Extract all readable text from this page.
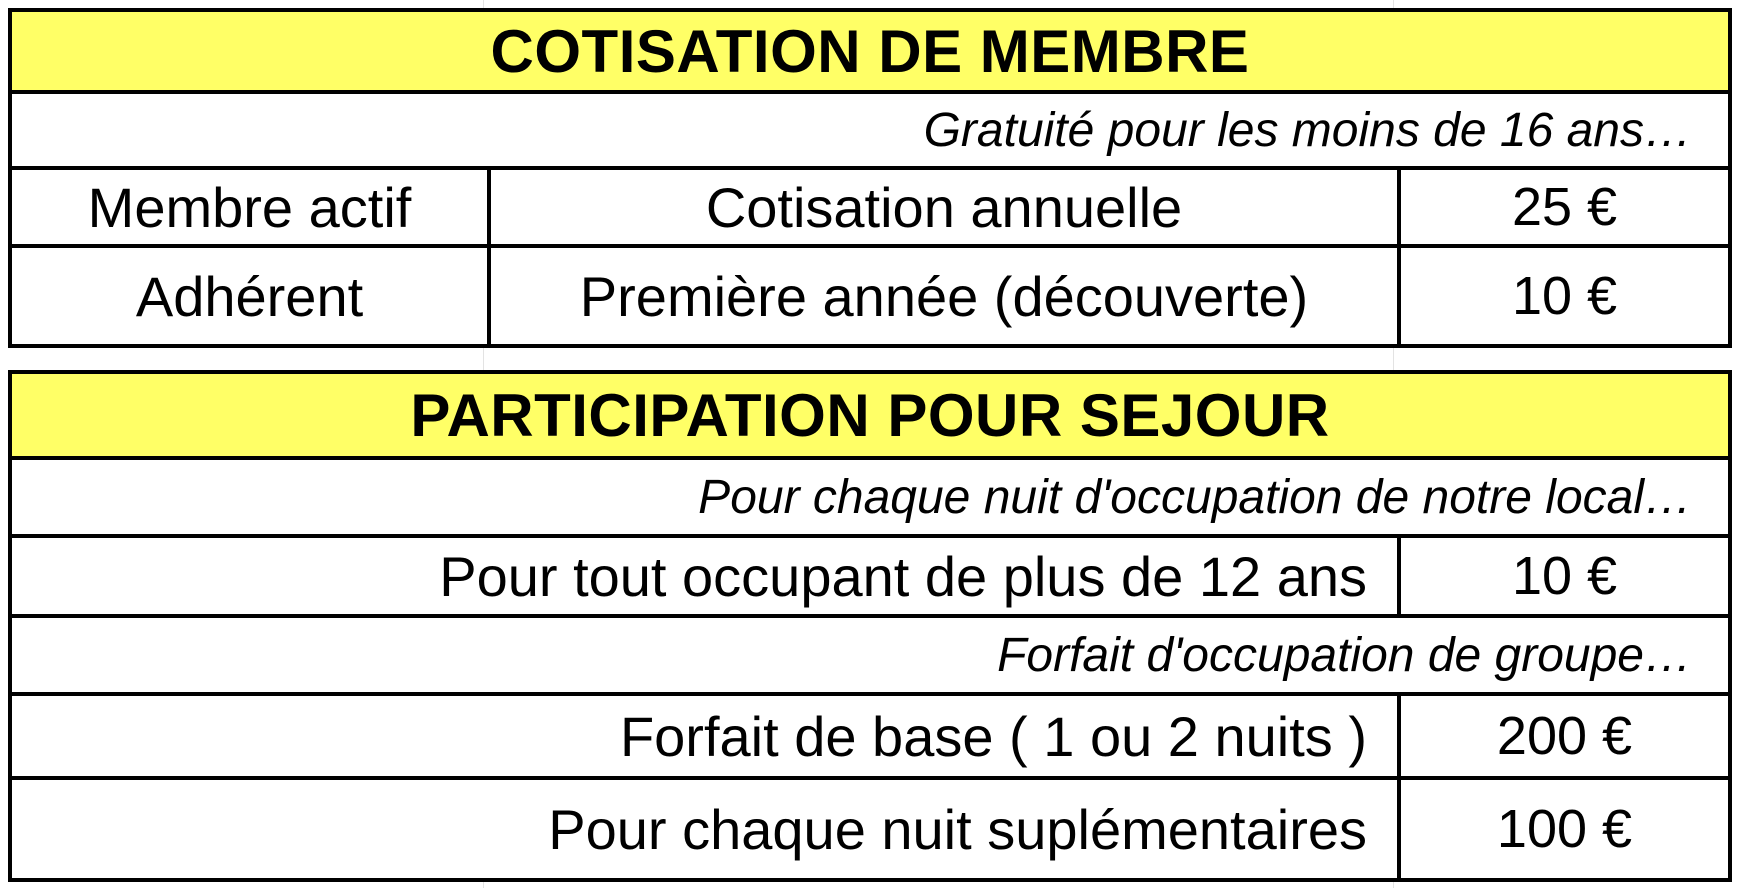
COTISATION DE MEMBRE
Gratuité pour les moins de 16 ans…
Membre actif	Cotisation annuelle	25 €
Adhérent	Première année (découverte)	10 €
PARTICIPATION POUR SEJOUR
Pour chaque nuit d'occupation de notre local…
Pour tout occupant de plus de 12 ans	10 €
Forfait d'occupation de groupe…
Forfait de base ( 1 ou 2 nuits ) 200 €
Pour chaque nuit suplémentaires 100 €
